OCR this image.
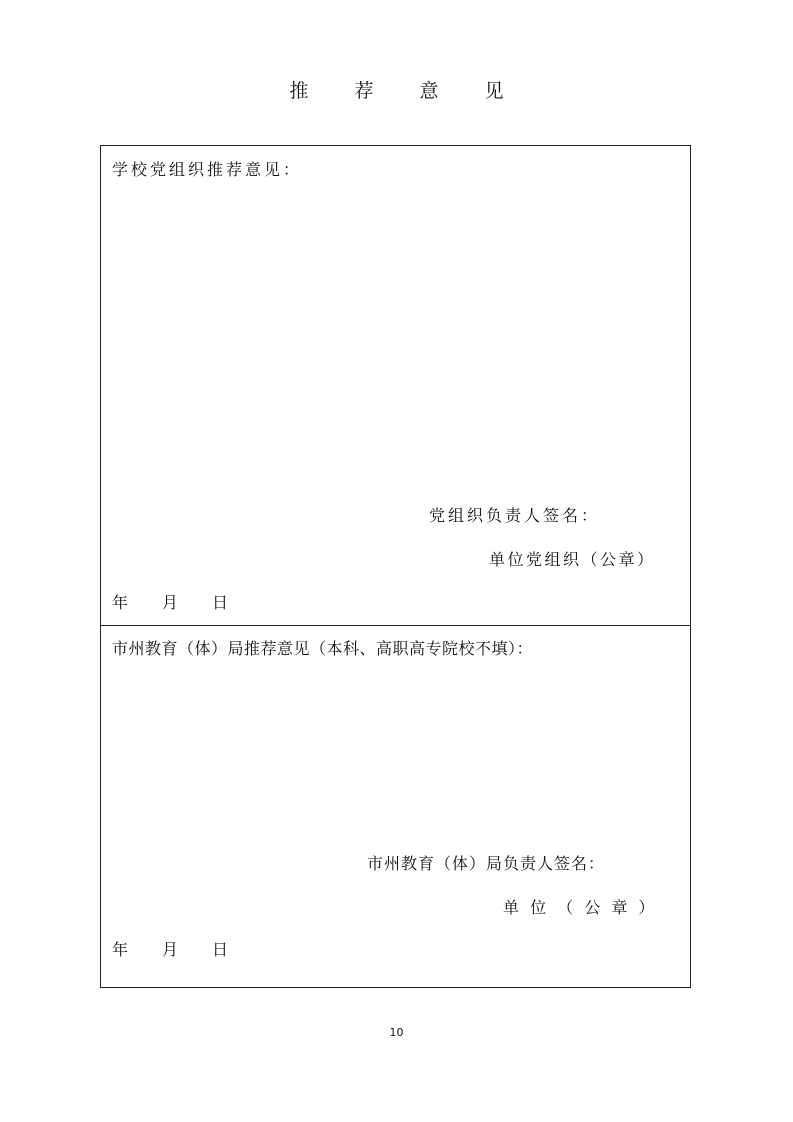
推 荐 意 见
学校党组织推荐意见：
党组织负责人签名：
单位党组织（公章）
年 月 日
市州教育（体）局推荐意见（本科、高职高专院校不填）：
市州教育（体）局负责人签名：
单 位 （ 公 章 ）
年 月 日
10
